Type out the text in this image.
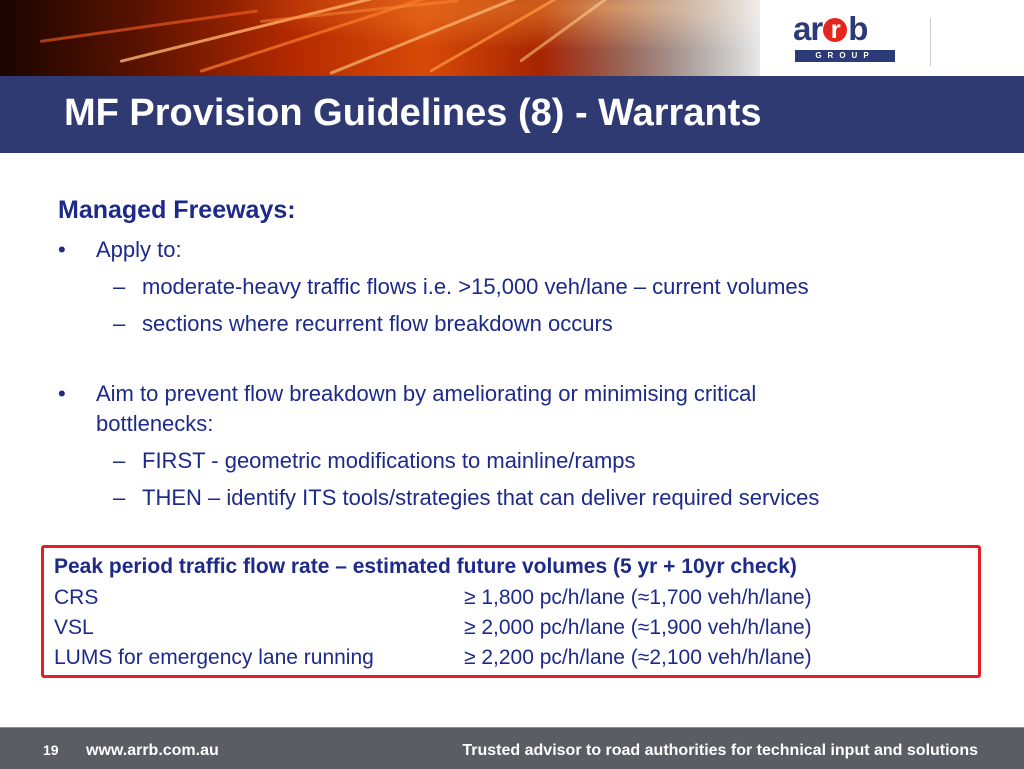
ar r b
GROUP
MF Provision Guidelines (8) - Warrants
Managed Freeways:
• Apply to:
– moderate-heavy traffic flows i.e. >15,000 veh/lane – current volumes
– sections where recurrent flow breakdown occurs
• Aim to prevent flow breakdown by ameliorating or minimising critical
bottlenecks:
– FIRST - geometric modifications to mainline/ramps
– THEN – identify ITS tools/strategies that can deliver required services
Peak period traffic flow rate – estimated future volumes (5 yr + 10yr check)
CRS	≥ 1,800 pc/h/lane (≈1,700 veh/h/lane)
VSL	≥ 2,000 pc/h/lane (≈1,900 veh/h/lane)
LUMS for emergency lane running	≥ 2,200 pc/h/lane (≈2,100 veh/h/lane)
19 www.arrb.com.au	Trusted advisor to road authorities for technical input and solutions
